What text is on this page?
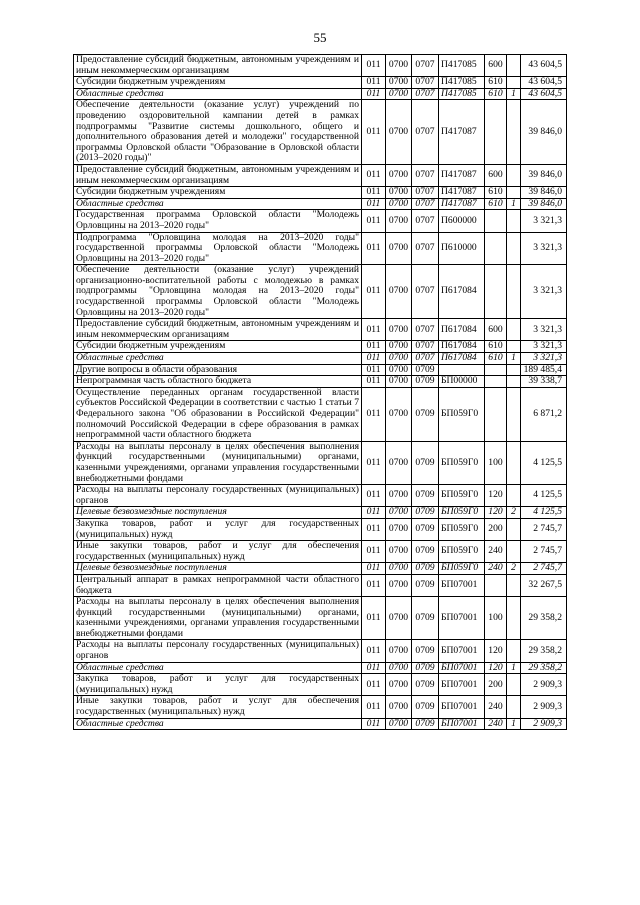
55
Предоставление субсидий бюджетным, автономным учреждениям и иным некоммерческим организациям	011	0700	0707	П417085	600		43 604,5
Субсидии бюджетным учреждениям	011	0700	0707	П417085	610		43 604,5
Областные средства	011	0700	0707	П417085	610	1	43 604,5
Обеспечение деятельности (оказание услуг) учреждений по проведению оздоровительной кампании детей в рамках подпрограммы "Развитие системы дошкольного, общего и дополнительного образования детей и молодежи" государственной программы Орловской области "Образование в Орловской области (2013–2020 годы)"	011	0700	0707	П417087			39 846,0
Предоставление субсидий бюджетным, автономным учреждениям и иным некоммерческим организациям	011	0700	0707	П417087	600		39 846,0
Субсидии бюджетным учреждениям	011	0700	0707	П417087	610		39 846,0
Областные средства	011	0700	0707	П417087	610	1	39 846,0
Государственная программа Орловской области "Молодежь Орловщины на 2013–2020 годы"	011	0700	0707	П600000			3 321,3
Подпрограмма "Орловщина молодая на 2013–2020 годы" государственной программы Орловской области "Молодежь Орловщины на 2013–2020 годы"	011	0700	0707	П610000			3 321,3
Обеспечение деятельности (оказание услуг) учреждений организационно-воспитательной работы с молодежью в рамках подпрограммы "Орловщина молодая на 2013–2020 годы" государственной программы Орловской области "Молодежь Орловщины на 2013–2020 годы"	011	0700	0707	П617084			3 321,3
Предоставление субсидий бюджетным, автономным учреждениям и иным некоммерческим организациям	011	0700	0707	П617084	600		3 321,3
Субсидии бюджетным учреждениям	011	0700	0707	П617084	610		3 321,3
Областные средства	011	0700	0707	П617084	610	1	3 321,3
Другие вопросы в области образования	011	0700	0709				189 485,4
Непрограммная часть областного бюджета	011	0700	0709	БП00000			39 338,7
Осуществление переданных органам государственной власти субъектов Российской Федерации в соответствии с частью 1 статьи 7 Федерального закона "Об образовании в Российской Федерации" полномочий Российской Федерации в сфере образования в рамках непрограммной части областного бюджета	011	0700	0709	БП059Г0			6 871,2
Расходы на выплаты персоналу в целях обеспечения выполнения функций государственными (муниципальными) органами, казенными учреждениями, органами управления государственными внебюджетными фондами	011	0700	0709	БП059Г0	100		4 125,5
Расходы на выплаты персоналу государственных (муниципальных) органов	011	0700	0709	БП059Г0	120		4 125,5
Целевые безвозмездные поступления	011	0700	0709	БП059Г0	120	2	4 125,5
Закупка товаров, работ и услуг для государственных (муниципальных) нужд	011	0700	0709	БП059Г0	200		2 745,7
Иные закупки товаров, работ и услуг для обеспечения государственных (муниципальных) нужд	011	0700	0709	БП059Г0	240		2 745,7
Целевые безвозмездные поступления	011	0700	0709	БП059Г0	240	2	2 745,7
Центральный аппарат в рамках непрограммной части областного бюджета	011	0700	0709	БП07001			32 267,5
Расходы на выплаты персоналу в целях обеспечения выполнения функций государственными (муниципальными) органами, казенными учреждениями, органами управления государственными внебюджетными фондами	011	0700	0709	БП07001	100		29 358,2
Расходы на выплаты персоналу государственных (муниципальных) органов	011	0700	0709	БП07001	120		29 358,2
Областные средства	011	0700	0709	БП07001	120	1	29 358,2
Закупка товаров, работ и услуг для государственных (муниципальных) нужд	011	0700	0709	БП07001	200		2 909,3
Иные закупки товаров, работ и услуг для обеспечения государственных (муниципальных) нужд	011	0700	0709	БП07001	240		2 909,3
Областные средства	011	0700	0709	БП07001	240	1	2 909,3
